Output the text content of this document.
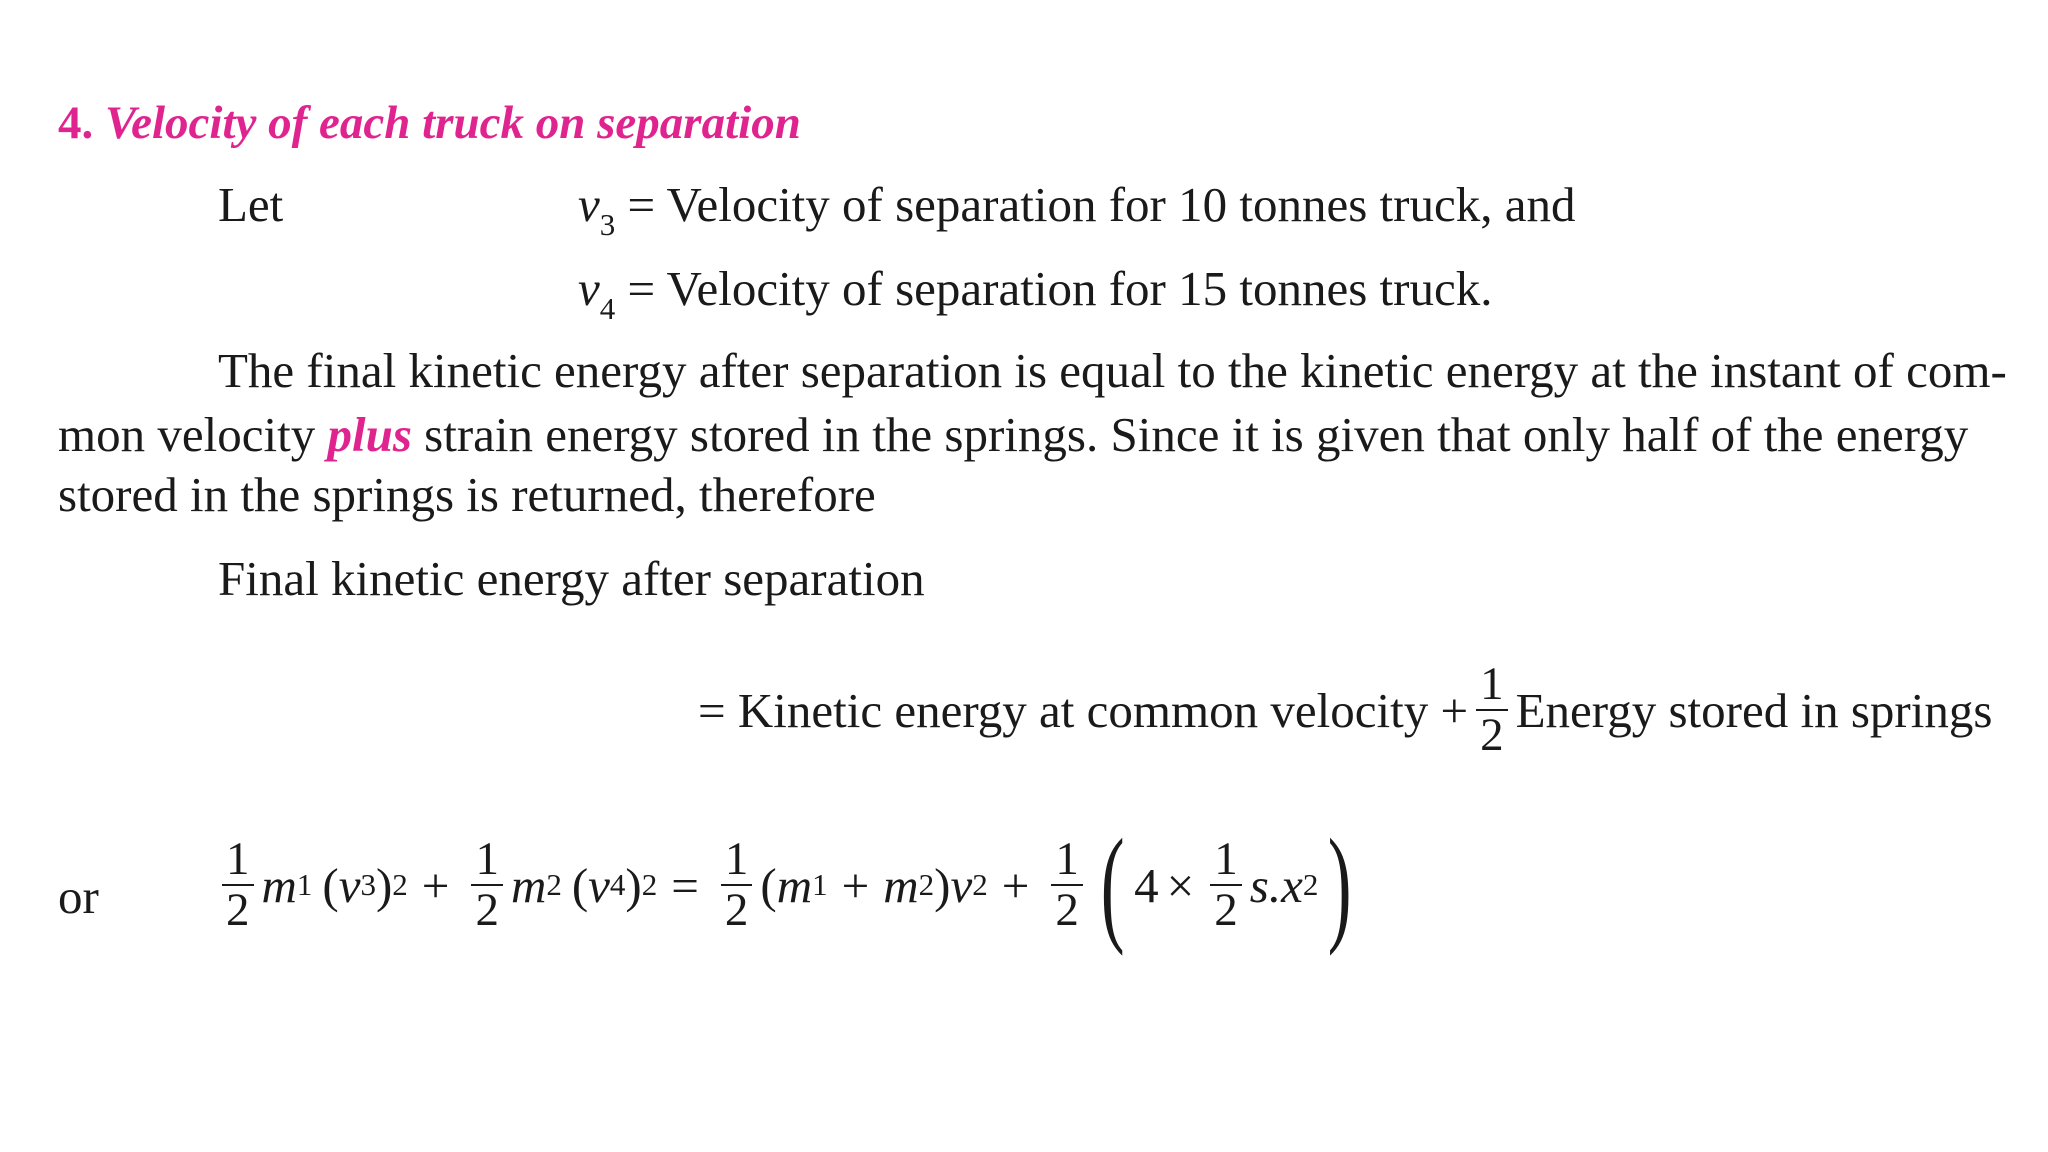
4. Velocity of each truck on separation
Let	$v_3$ = Velocity of separation for 10 tonnes truck, and
$v_4$ = Velocity of separation for 15 tonnes truck.
The final kinetic energy after separation is equal to the kinetic energy at the instant of com-
mon velocity plus strain energy stored in the springs. Since it is given that only half of the energy
stored in the springs is returned, therefore
Final kinetic energy after separation
= Kinetic energy at common velocity + $\frac{1}{2}$ Energy stored in springs
or	$\frac{1}{2}$ m 1 ( v 3 ) $2 + \frac{1}{2}$ m 2 ( v 4 ) $2 = \frac{1}{2}$ ( m 1 + m 2 ) v $2 + \frac{1}{2}$ ( $4 \times \frac{1}{2} s.x$ 2 )
